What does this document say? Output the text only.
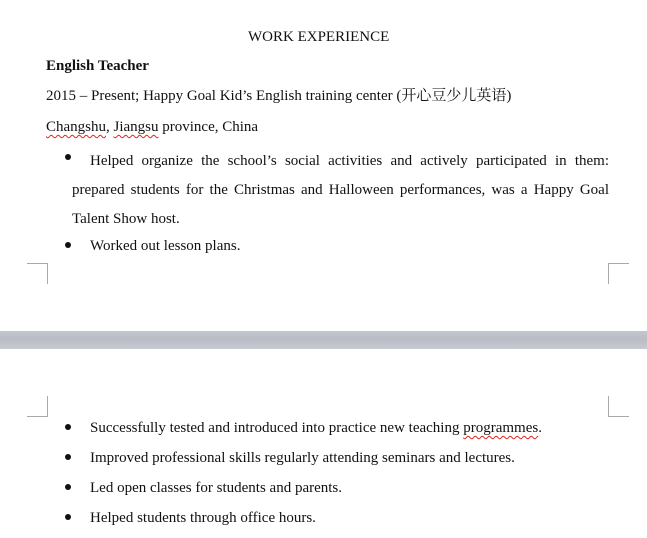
WORK EXPERIENCE
English Teacher
2015 – Present; Happy Goal Kid’s English training center (开心豆少儿英语)
Changshu, Jiangsu province, China
Helped organize the school’s social activities and actively participated in them: prepared students for the Christmas and Halloween performances, was a Happy Goal Talent Show host.
Worked out lesson plans.
Successfully tested and introduced into practice new teaching programmes.
Improved professional skills regularly attending seminars and lectures.
Led open classes for students and parents.
Helped students through office hours.
